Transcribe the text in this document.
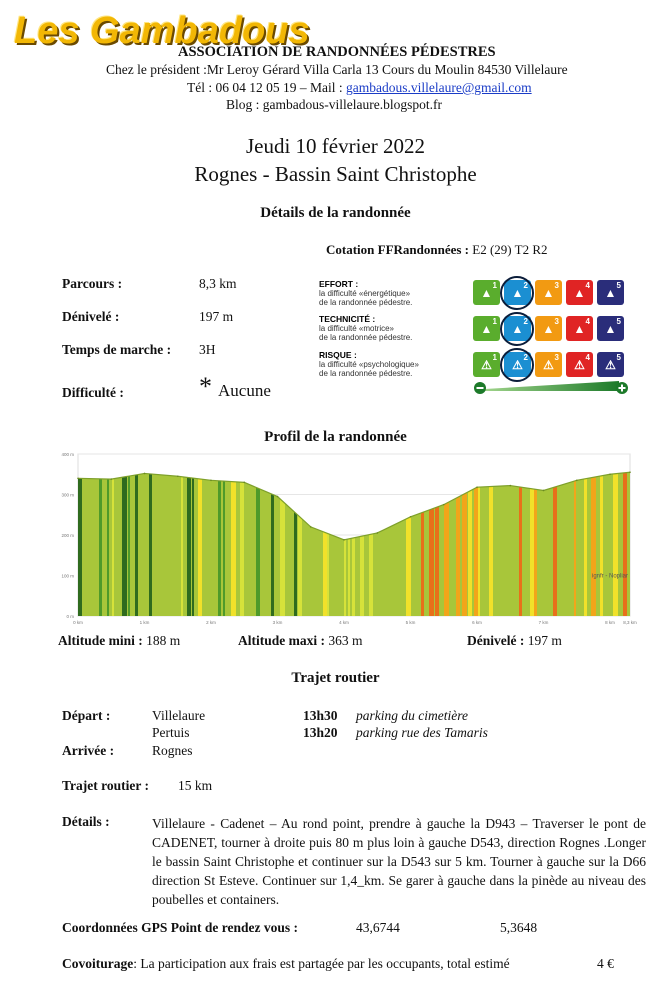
Les Gambadous
ASSOCIATION DE RANDONNÉES PÉDESTRES
Chez le président :Mr Leroy Gérard Villa Carla 13 Cours du Moulin 84530 Villelaure
Tél : 06 04 12 05 19 – Mail : gambadous.villelaure@gmail.com
Blog : gambadous-villelaure.blogspot.fr
Jeudi 10 février 2022
Rognes - Bassin Saint Christophe
Détails de la randonnée
Cotation FFRandonnées : E2 (29) T2 R2
Parcours :	8,3 km
Dénivelé :	197 m
Temps de marche : 3H
Difficulté :	* Aucune
EFFORT :
la difficulté «énergétique»
de la randonnée pédestre.
TECHNICITÉ :
la difficulté «motrice»
de la randonnée pédestre.
RISQUE :
la difficulté «psychologique»
de la randonnée pédestre.
▲$^1$ ▲$^2$ ▲$^3$ ▲$^4$ ▲$^5$
▲$^1$ ▲$^2$ ▲$^3$ ▲$^4$ ▲$^5$
⚠$^1$ ⚠$^2$ ⚠$^3$ ⚠$^4$ ⚠$^5$
Profil de la randonnée
400 m
300 m
200 m
100 m
0 m
0 km	1 km	2 km	3 km	4 km	5 km	6 km	7 km	8 km 8,3 km
ignfr - Nopliar
Altitude mini : 188 m	Altitude maxi : 363 m	Dénivelé : 197 m
Trajet routier
Départ :	Villelaure	13h30 parking du cimetière
Pertuis	13h20 parking rue des Tamaris
Arrivée :	Rognes
Trajet routier : 15 km
Détails :	Villelaure - Cadenet – Au rond point, prendre à gauche la D943 – Traverser le pont de CADENET, tourner à droite puis 80 m plus loin à gauche D543, direction Rognes .Longer le bassin Saint Christophe et continuer sur la D543 sur 5 km. Tourner à gauche sur la D66 direction St Esteve. Continuer sur 1,4_km. Se garer à gauche dans la pinède au niveau des poubelles et containers.
Coordonnées GPS Point de rendez vous :	43,6744	5,3648
Covoiturage: La participation aux frais est partagée par les occupants, total estimé	4 €
